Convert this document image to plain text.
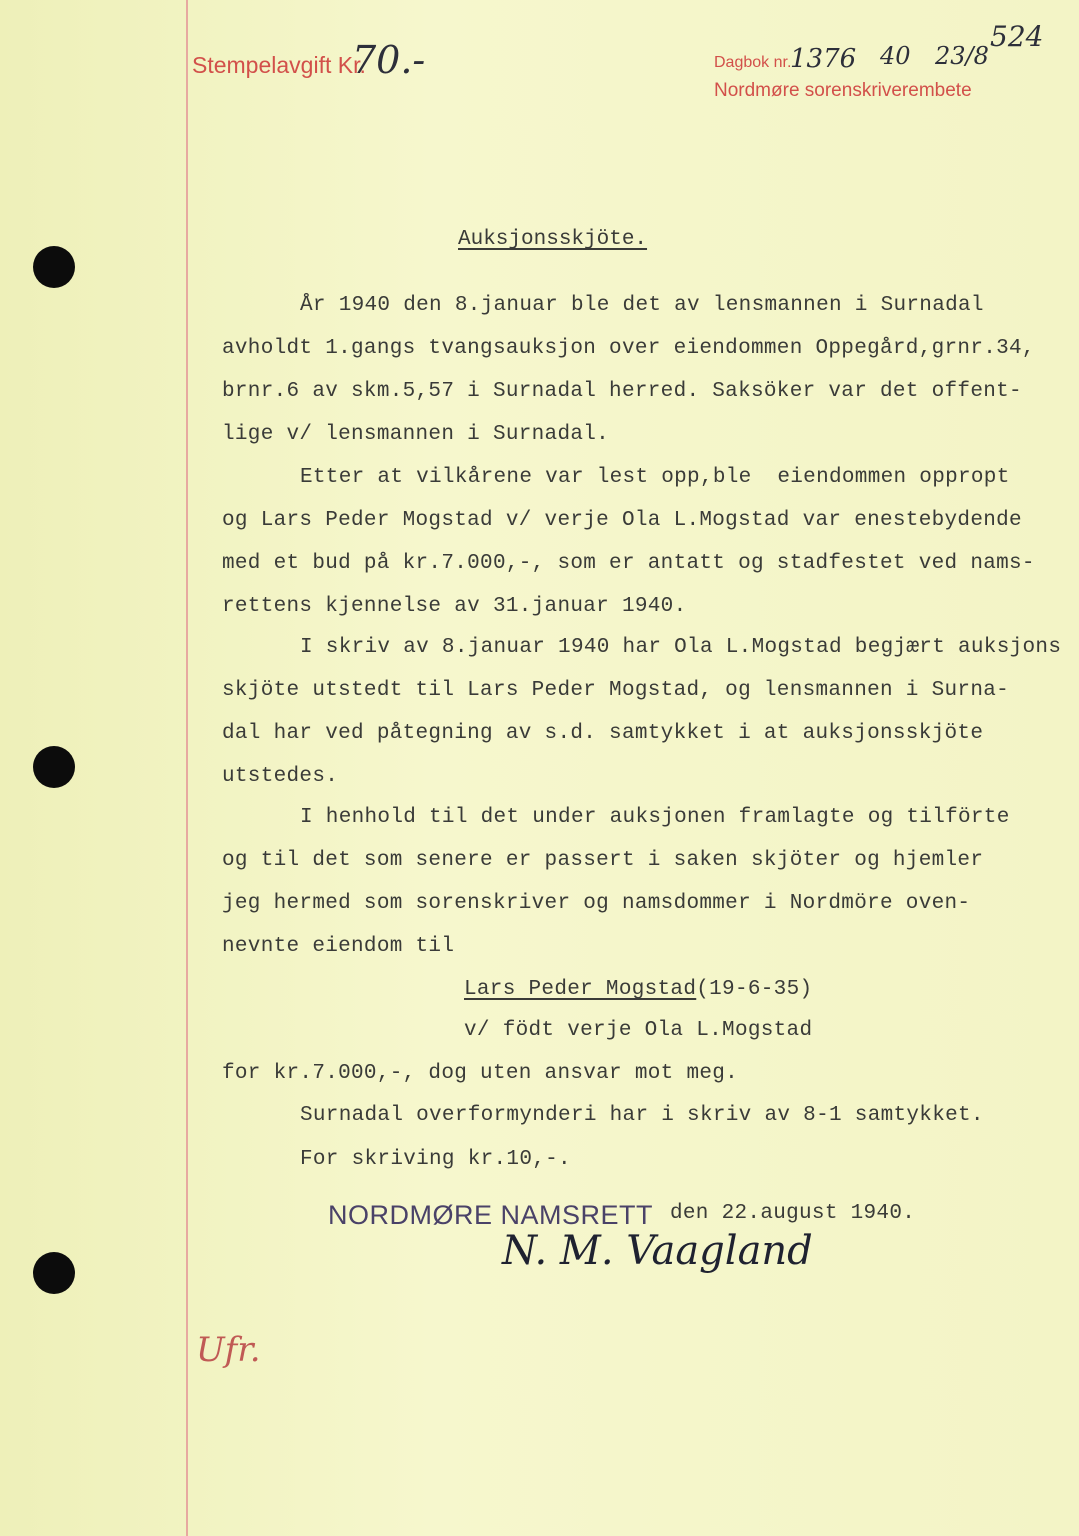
Stempelavgift Kr.
70.-	Dagbok nr.
1376 40 23/8
Nordmøre sorenskriverembete
524
Auksjonsskjöte.
År 1940 den 8.januar ble det av lensmannen i Surnadal
avholdt 1.gangs tvangsauksjon over eiendommen Oppegård,grnr.34,
brnr.6 av skm.5,57 i Surnadal herred. Saksöker var det offent-
lige v/ lensmannen i Surnadal.
Etter at vilkårene var lest opp,ble  eiendommen oppropt
og Lars Peder Mogstad v/ verje Ola L.Mogstad var enestebydende
med et bud på kr.7.000,-, som er antatt og stadfestet ved nams-
rettens kjennelse av 31.januar 1940.
I skriv av 8.januar 1940 har Ola L.Mogstad begjært auksjons
skjöte utstedt til Lars Peder Mogstad, og lensmannen i Surna-
dal har ved påtegning av s.d. samtykket i at auksjonsskjöte
utstedes.
I henhold til det under auksjonen framlagte og tilförte
og til det som senere er passert i saken skjöter og hjemler
jeg hermed som sorenskriver og namsdommer i Nordmöre oven-
nevnte eiendom til
Lars Peder Mogstad(19-6-35)
v/ födt verje Ola L.Mogstad
for kr.7.000,-, dog uten ansvar mot meg.
Surnadal overformynderi har i skriv av 8-1 samtykket.
For skriving kr.10,-.
NORDMØRE NAMSRETT den 22.august 1940.
N. M. Vaagland
Ufr.
